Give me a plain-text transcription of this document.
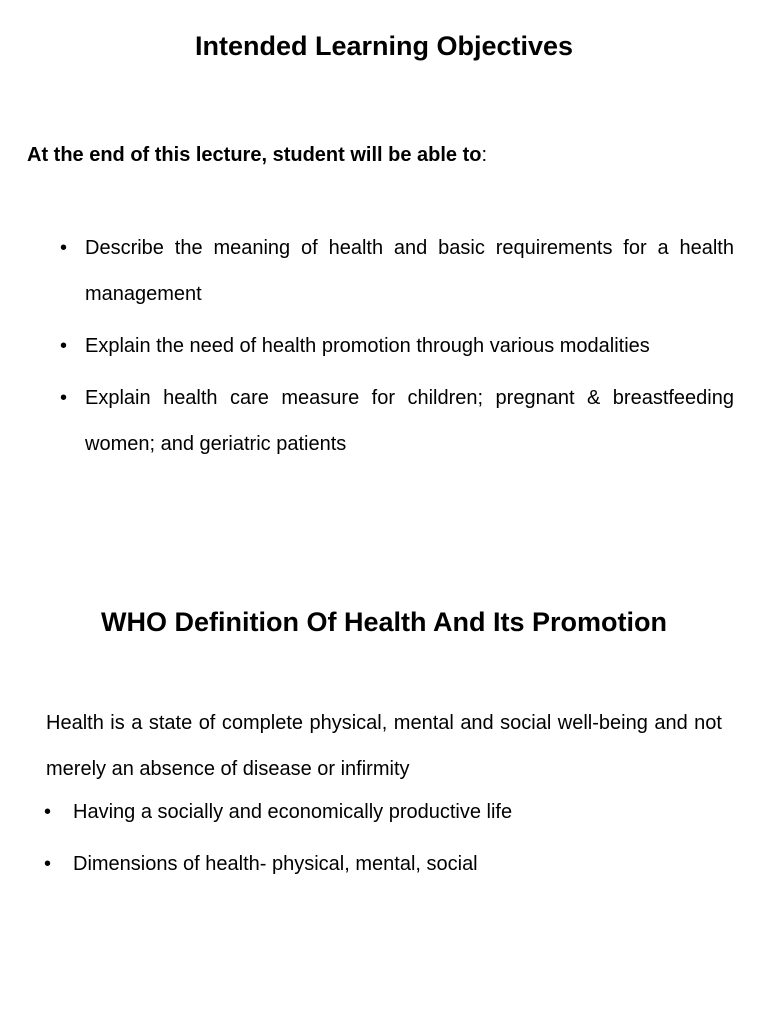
Intended Learning Objectives

At the end of this lecture, student will be able to:

• Describe the meaning of health and basic requirements for a health management
• Explain the need of health promotion through various modalities
• Explain health care measure for children; pregnant & breastfeeding women; and geriatric patients
WHO Definition Of Health And Its Promotion

Health is a state of complete physical, mental and social well-being and not merely an absence of disease or infirmity

• Having a socially and economically productive life
• Dimensions of health- physical, mental, social
